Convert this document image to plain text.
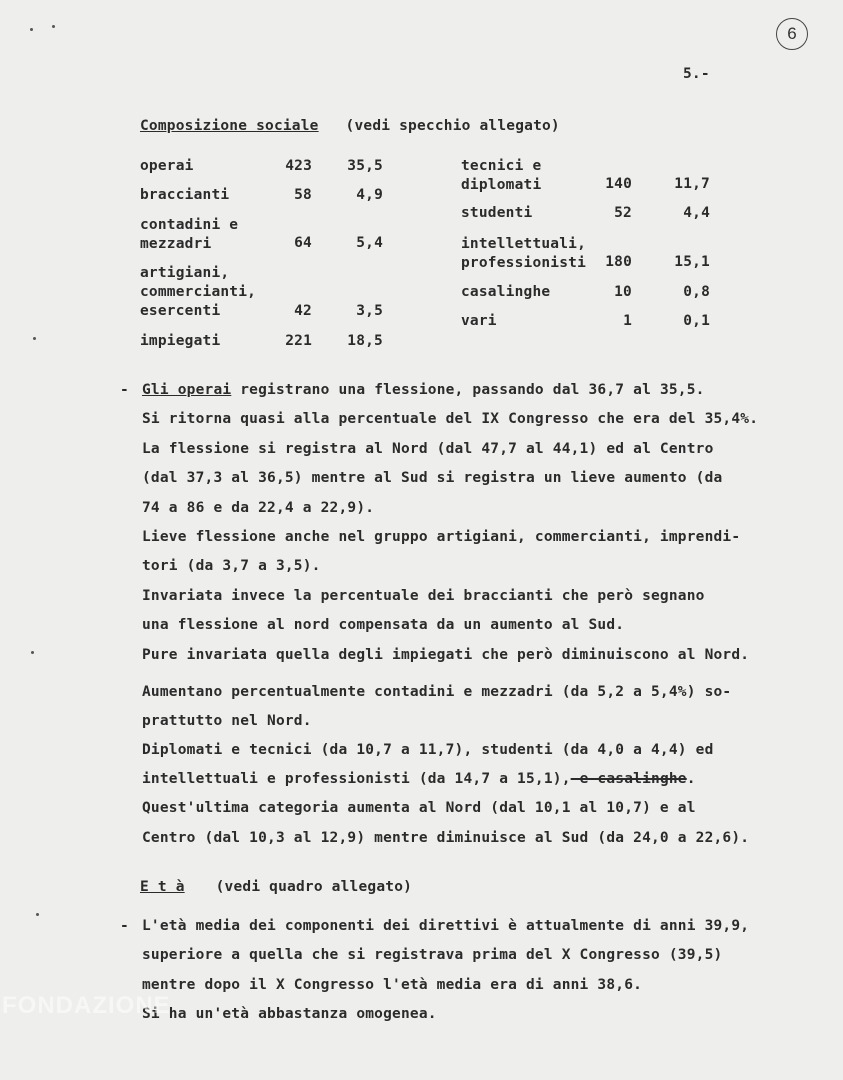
6
5.-
Composizione sociale (vedi specchio allegato)
operai	423	35,5
braccianti	58	4,9
contadini e
mezzadri	64	5,4
artigiani,
commercianti,
esercenti	42	3,5
impiegati	221	18,5
tecnici e
diplomati	140	11,7
studenti	52	4,4
intellettuali,
professionisti	180	15,1
casalinghe	10	0,8
vari	1	0,1
- Gli operai registrano una flessione, passando dal 36,7 al 35,5.
Si ritorna quasi alla percentuale del IX Congresso che era del 35,4%.
La flessione si registra al Nord (dal 47,7 al 44,1) ed al Centro
(dal 37,3 al 36,5) mentre al Sud si registra un lieve aumento (da
74 a 86 e da 22,4 a 22,9).
Lieve flessione anche nel gruppo artigiani, commercianti, imprendi-
tori (da 3,7 a 3,5).
Invariata invece la percentuale dei braccianti che però segnano
una flessione al nord compensata da un aumento al Sud.
Pure invariata quella degli impiegati che però diminuiscono al Nord.
Aumentano percentualmente contadini e mezzadri (da 5,2 a 5,4%) so-
prattutto nel Nord.
Diplomati e tecnici (da 10,7 a 11,7), studenti (da 4,0 a 4,4) ed
intellettuali e professionisti (da 14,7 a 15,1), e casalinghe.
Quest'ultima categoria aumenta al Nord (dal 10,1 al 10,7) e al
Centro (dal 10,3 al 12,9) mentre diminuisce al Sud (da 24,0 a 22,6).
E t à (vedi quadro allegato)
- L'età media dei componenti dei direttivi è attualmente di anni 39,9,
superiore a quella che si registrava prima del X Congresso (39,5)
mentre dopo il X Congresso l'età media era di anni 38,6.
Si ha un'età abbastanza omogenea.
FONDAZIONE
